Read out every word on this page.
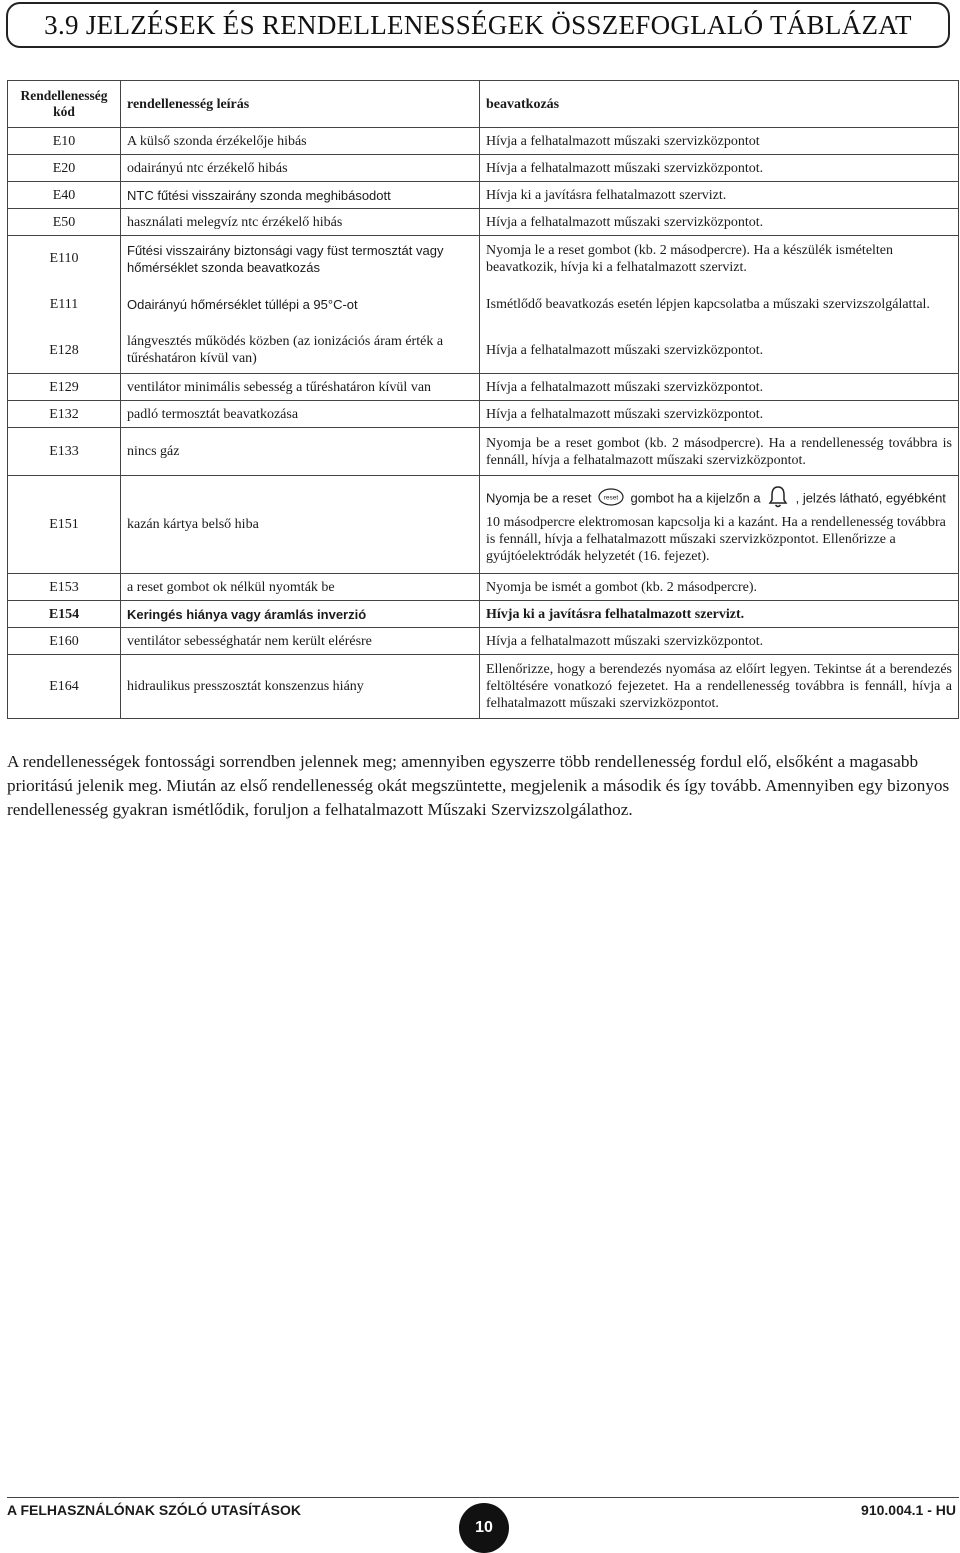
3.9 JELZÉSEK ÉS RENDELLENESSÉGEK ÖSSZEFOGLALÓ TÁBLÁZAT
Rendellenesség kód	rendellenesség leírás	beavatkozás
E10	A külső szonda érzékelője hibás	Hívja a felhatalmazott műszaki szervizközpontot
E20	odairányú ntc érzékelő hibás	Hívja a felhatalmazott műszaki szervizközpontot.
E40	NTC fűtési visszairány szonda meghibásodott	Hívja ki a javításra felhatalmazott szervizt.
E50	használati melegvíz ntc érzékelő hibás	Hívja a felhatalmazott műszaki szervizközpontot.
E110	Fűtési visszairány biztonsági vagy füst termosztát vagy hőmérséklet szonda beavatkozás	Nyomja le a reset gombot (kb. 2 másodpercre). Ha a készülék ismételten beavatkozik, hívja ki a felhatalmazott szervizt.
E111	Odairányú hőmérséklet túllépi a 95°C-ot	Ismétlődő beavatkozás esetén lépjen kapcsolatba a műszaki szervizszolgálattal.
E128	lángvesztés működés közben (az ionizációs áram érték a tűréshatáron kívül van)	Hívja a felhatalmazott műszaki szervizközpontot.
E129	ventilátor minimális sebesség a tűréshatáron kívül van	Hívja a felhatalmazott műszaki szervizközpontot.
E132	padló termosztát beavatkozása	Hívja a felhatalmazott műszaki szervizközpontot.
E133	nincs gáz	Nyomja be a reset gombot (kb. 2 másodpercre). Ha a rendellenesség továbbra is fennáll, hívja a felhatalmazott műszaki szervizközpontot.
E151	kazán kártya belső hiba	Nyomja be a reset reset gombot ha a kijelzőn a , jelzés látható, egyébként
10 másodpercre elektromosan kapcsolja ki a kazánt. Ha a rendellenesség továbbra is fennáll, hívja a felhatalmazott műszaki szervizközpontot. Ellenőrizze a gyújtóelektródák helyzetét (16. fejezet).
E153	a reset gombot ok nélkül nyomták be	Nyomja be ismét a gombot (kb. 2 másodpercre).
E154	Keringés hiánya vagy áramlás inverzió	Hívja ki a javításra felhatalmazott szervizt.
E160	ventilátor sebességhatár nem került elérésre	Hívja a felhatalmazott műszaki szervizközpontot.
E164	hidraulikus presszosztát konszenzus hiány	Ellenőrizze, hogy a berendezés nyomása az előírt legyen. Tekintse át a berendezés feltöltésére vonatkozó fejezetet. Ha a rendellenesség továbbra is fennáll, hívja a felhatalmazott műszaki szervizközpontot.

A rendellenességek fontossági sorrendben jelennek meg; amennyiben egyszerre több rendellenesség fordul elő, elsőként a magasabb prioritású jelenik meg. Miután az első rendellenesség okát megszüntette, megjelenik a második és így tovább. Amennyiben egy bizonyos rendellenesség gyakran ismétlődik, foruljon a felhatalmazott Műszaki Szervizszolgálathoz.

A FELHASZNÁLÓNAK SZÓLÓ UTASÍTÁSOK
10
910.004.1 - HU
